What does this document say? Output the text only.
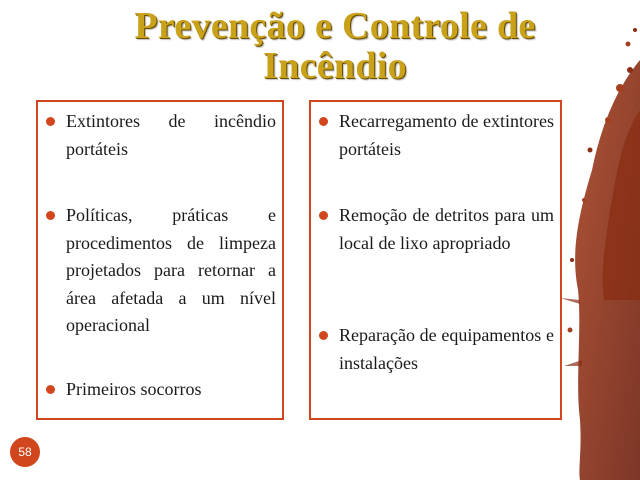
Prevenção e Controle de Incêndio
Extintores de incêndio portáteis
Políticas, práticas e procedimentos de limpeza projetados para retornar a área afetada a um nível operacional
Primeiros socorros
Recarregamento de extintores portáteis
Remoção de detritos para um local de lixo apropriado
Reparação de equipamentos e instalações
58
